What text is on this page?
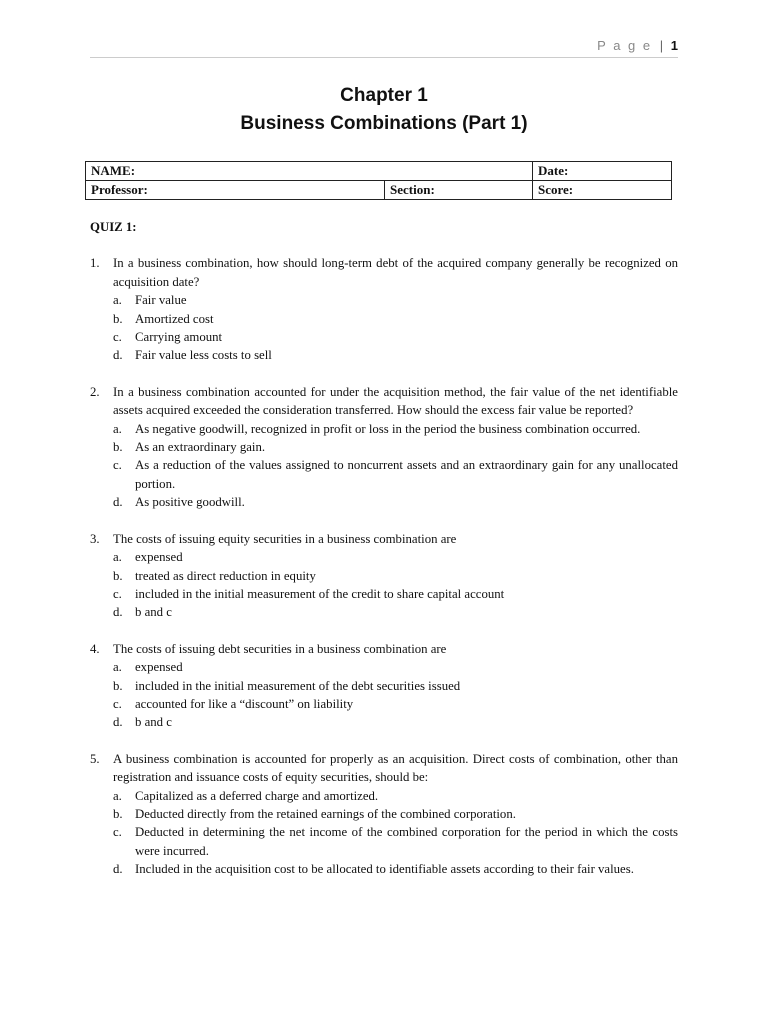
P a g e | 1
Chapter 1
Business Combinations (Part 1)
NAME:		Date:
Professor:	Section:	Score:
QUIZ 1:
1. In a business combination, how should long-term debt of the acquired company generally be recognized on acquisition date?
a. Fair value
b. Amortized cost
c. Carrying amount
d. Fair value less costs to sell
2. In a business combination accounted for under the acquisition method, the fair value of the net identifiable assets acquired exceeded the consideration transferred. How should the excess fair value be reported?
a. As negative goodwill, recognized in profit or loss in the period the business combination occurred.
b. As an extraordinary gain.
c. As a reduction of the values assigned to noncurrent assets and an extraordinary gain for any unallocated portion.
d. As positive goodwill.
3. The costs of issuing equity securities in a business combination are
a. expensed
b. treated as direct reduction in equity
c. included in the initial measurement of the credit to share capital account
d. b and c
4. The costs of issuing debt securities in a business combination are
a. expensed
b. included in the initial measurement of the debt securities issued
c. accounted for like a “discount” on liability
d. b and c
5. A business combination is accounted for properly as an acquisition. Direct costs of combination, other than registration and issuance costs of equity securities, should be:
a. Capitalized as a deferred charge and amortized.
b. Deducted directly from the retained earnings of the combined corporation.
c. Deducted in determining the net income of the combined corporation for the period in which the costs were incurred.
d. Included in the acquisition cost to be allocated to identifiable assets according to their fair values.
